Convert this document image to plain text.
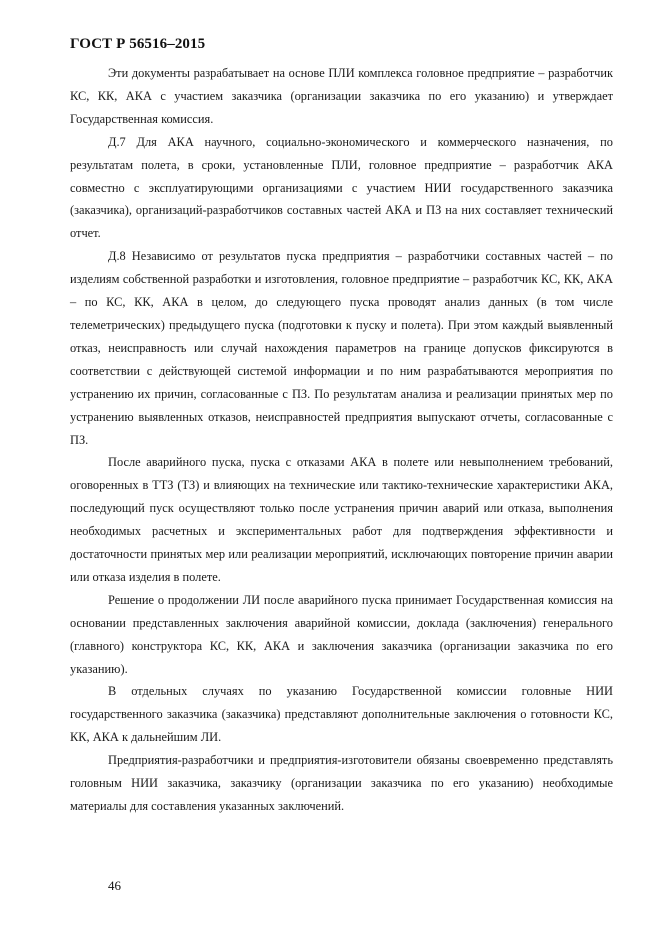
ГОСТ Р 56516–2015

Эти документы разрабатывает на основе ПЛИ комплекса головное предприятие – разработчик КС, КК, АКА с участием заказчика (организации заказчика по его указанию) и утверждает Государственная комиссия.

Д.7 Для АКА научного, социально-экономического и коммерческого назначения, по результатам полета, в сроки, установленные ПЛИ, головное предприятие – разработчик АКА совместно с эксплуатирующими организациями с участием НИИ государственного заказчика (заказчика), организаций-разработчиков составных частей АКА и ПЗ на них составляет технический отчет.

Д.8 Независимо от результатов пуска предприятия – разработчики составных частей – по изделиям собственной разработки и изготовления, головное предприятие – разработчик КС, КК, АКА – по КС, КК, АКА в целом, до следующего пуска проводят анализ данных (в том числе телеметрических) предыдущего пуска (подготовки к пуску и полета). При этом каждый выявленный отказ, неисправность или случай нахождения параметров на границе допусков фиксируются в соответствии с действующей системой информации и по ним разрабатываются мероприятия по устранению их причин, согласованные с ПЗ. По результатам анализа и реализации принятых мер по устранению выявленных отказов, неисправностей предприятия выпускают отчеты, согласованные с ПЗ.

После аварийного пуска, пуска с отказами АКА в полете или невыполнением требований, оговоренных в ТТЗ (ТЗ) и влияющих на технические или тактико-технические характеристики АКА, последующий пуск осуществляют только после устранения причин аварий или отказа, выполнения необходимых расчетных и экспериментальных работ для подтверждения эффективности и достаточности принятых мер или реализации мероприятий, исключающих повторение причин аварии или отказа изделия в полете.

Решение о продолжении ЛИ после аварийного пуска принимает Государственная комиссия на основании представленных заключения аварийной комиссии, доклада (заключения) генерального (главного) конструктора КС, КК, АКА и заключения заказчика (организации заказчика по его указанию).

В отдельных случаях по указанию Государственной комиссии головные НИИ государственного заказчика (заказчика) представляют дополнительные заключения о готовности КС, КК, АКА к дальнейшим ЛИ.

Предприятия-разработчики и предприятия-изготовители обязаны своевременно представлять головным НИИ заказчика, заказчику (организации заказчика по его указанию) необходимые материалы для составления указанных заключений.

46
